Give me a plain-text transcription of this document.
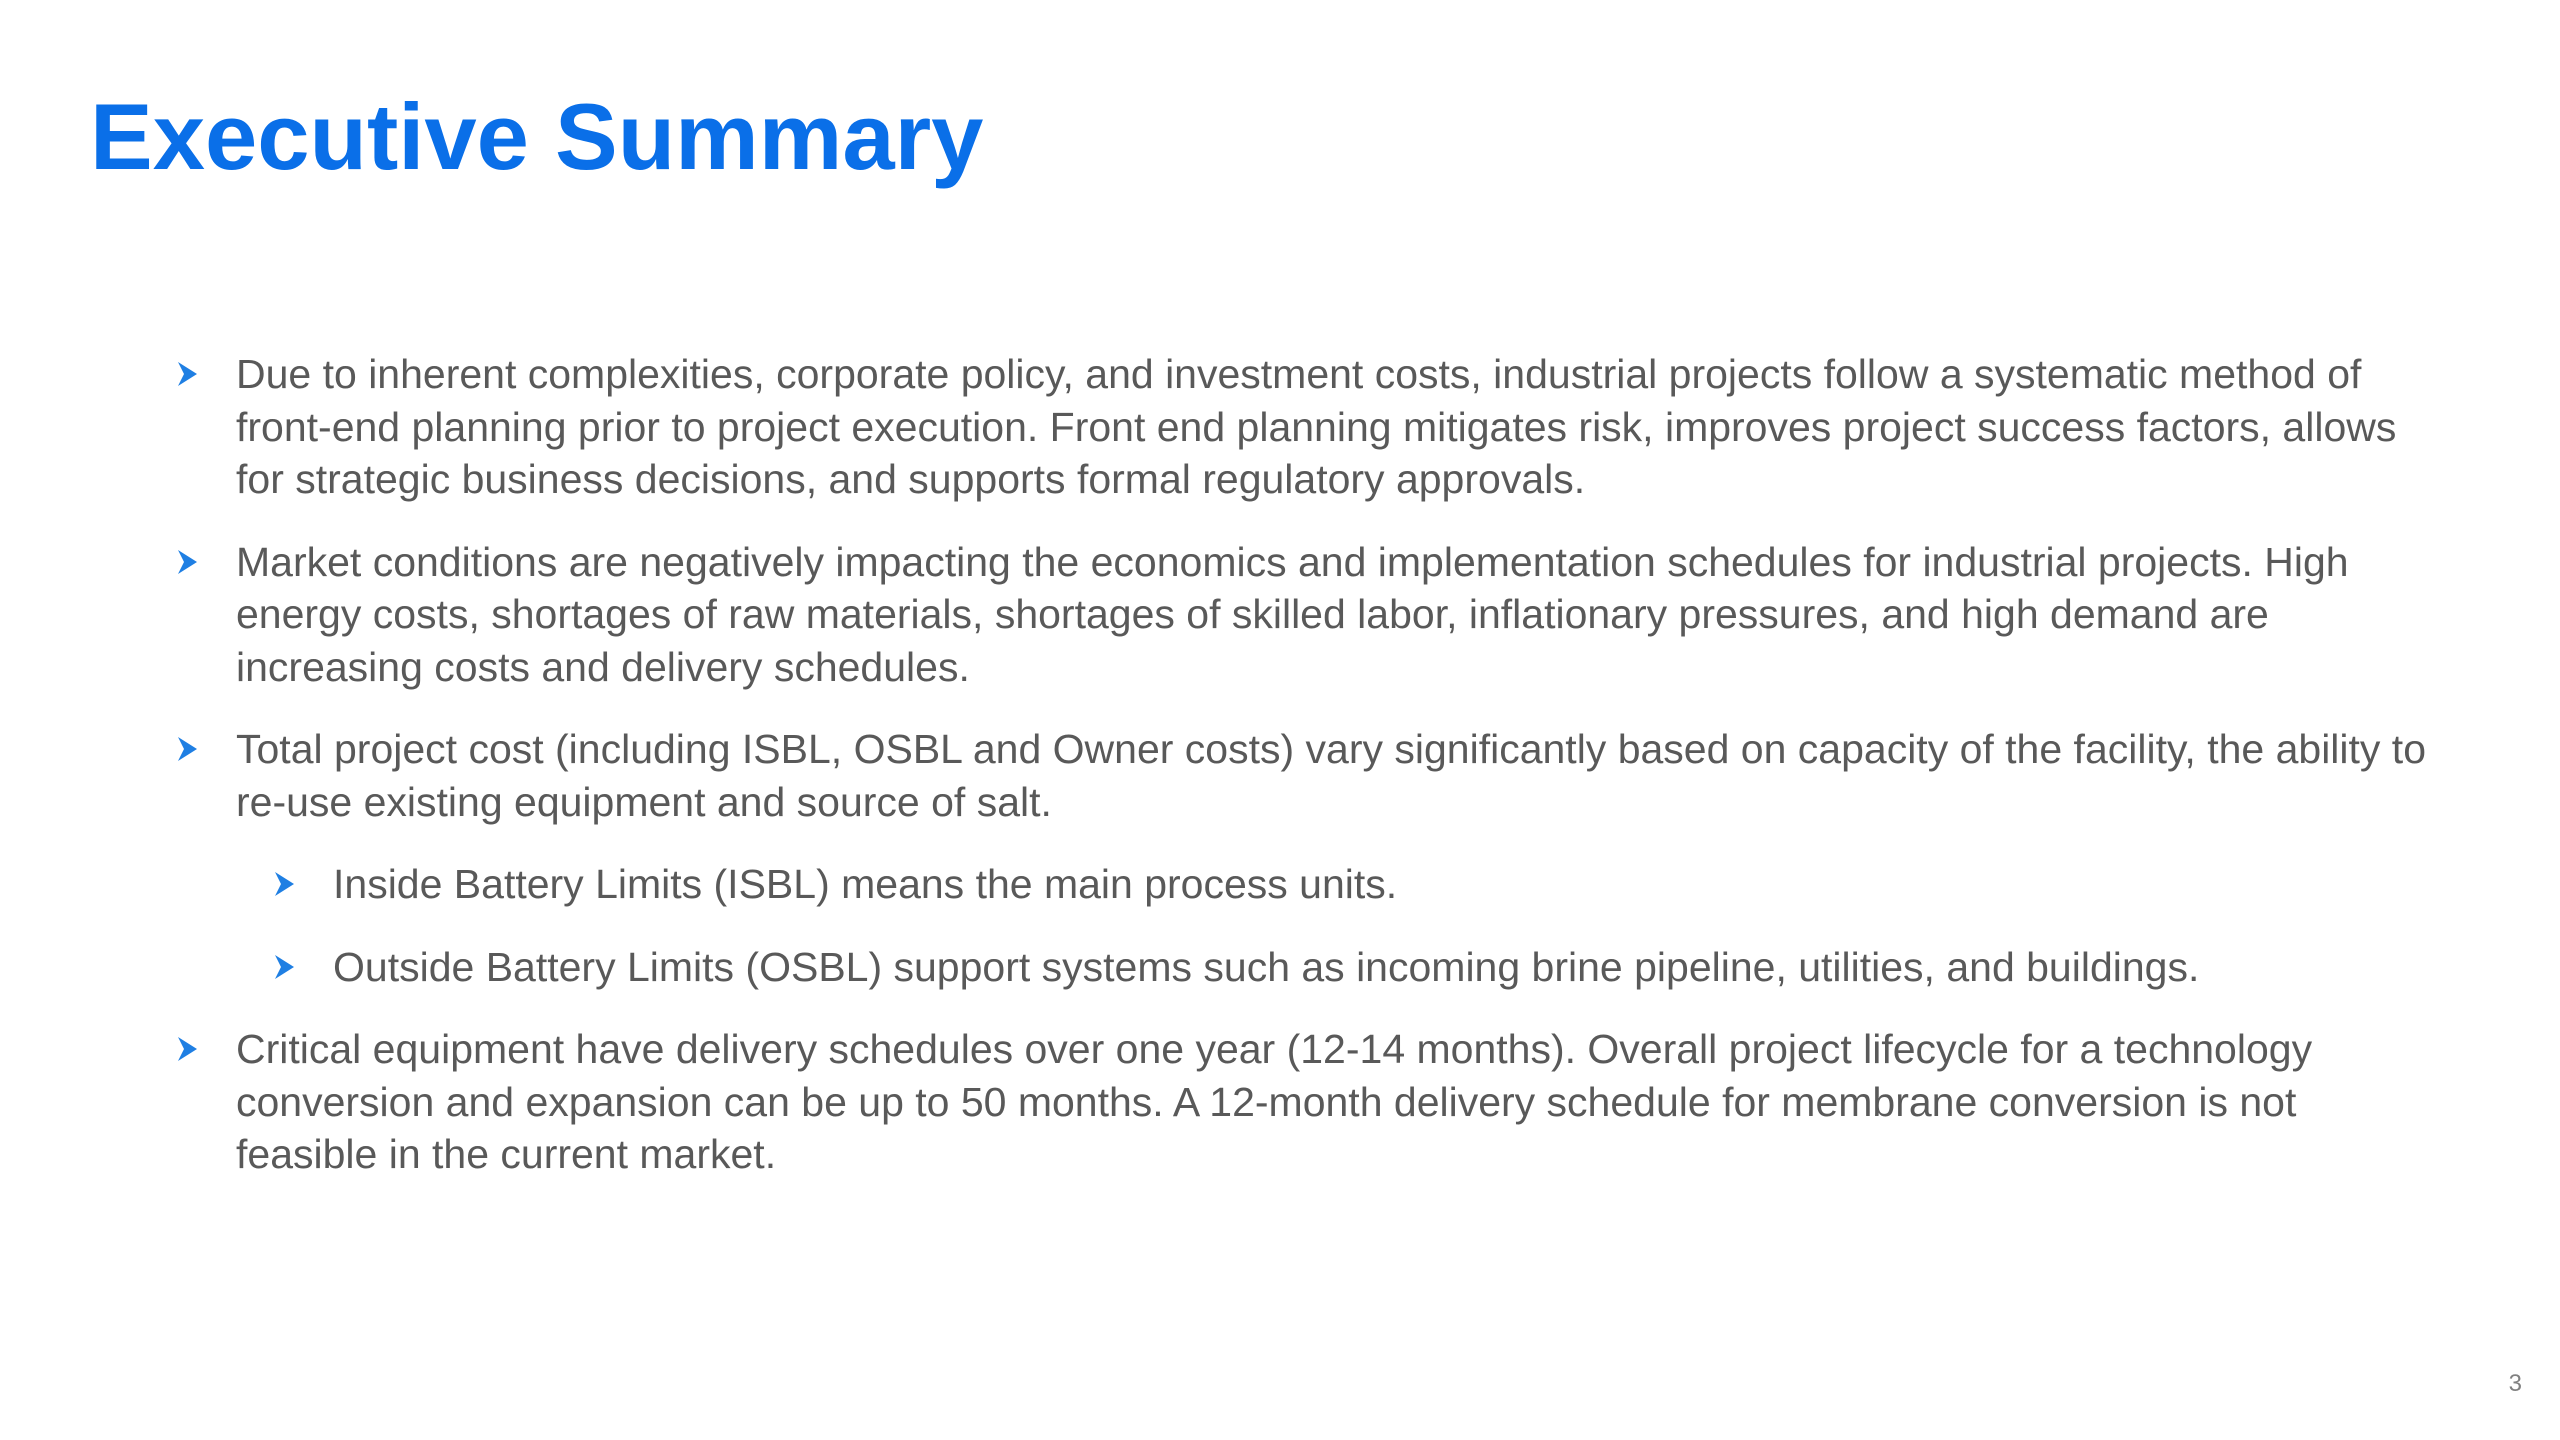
Executive Summary
Due to inherent complexities, corporate policy, and investment costs, industrial projects follow a systematic method of front-end planning prior to project execution. Front end planning mitigates risk, improves project success factors, allows for strategic business decisions, and supports formal regulatory approvals.
Market conditions are negatively impacting the economics and implementation schedules for industrial projects. High energy costs, shortages of raw materials, shortages of skilled labor, inflationary pressures, and high demand are increasing costs and delivery schedules.
Total project cost (including ISBL, OSBL and Owner costs) vary significantly based on capacity of the facility, the ability to re-use existing equipment and source of salt.
Inside Battery Limits (ISBL) means the main process units.
Outside Battery Limits (OSBL) support systems such as incoming brine pipeline, utilities, and buildings.
Critical equipment have delivery schedules over one year (12-14 months). Overall project lifecycle for a technology conversion and expansion can be up to 50 months. A 12-month delivery schedule for membrane conversion is not feasible in the current market.
3
